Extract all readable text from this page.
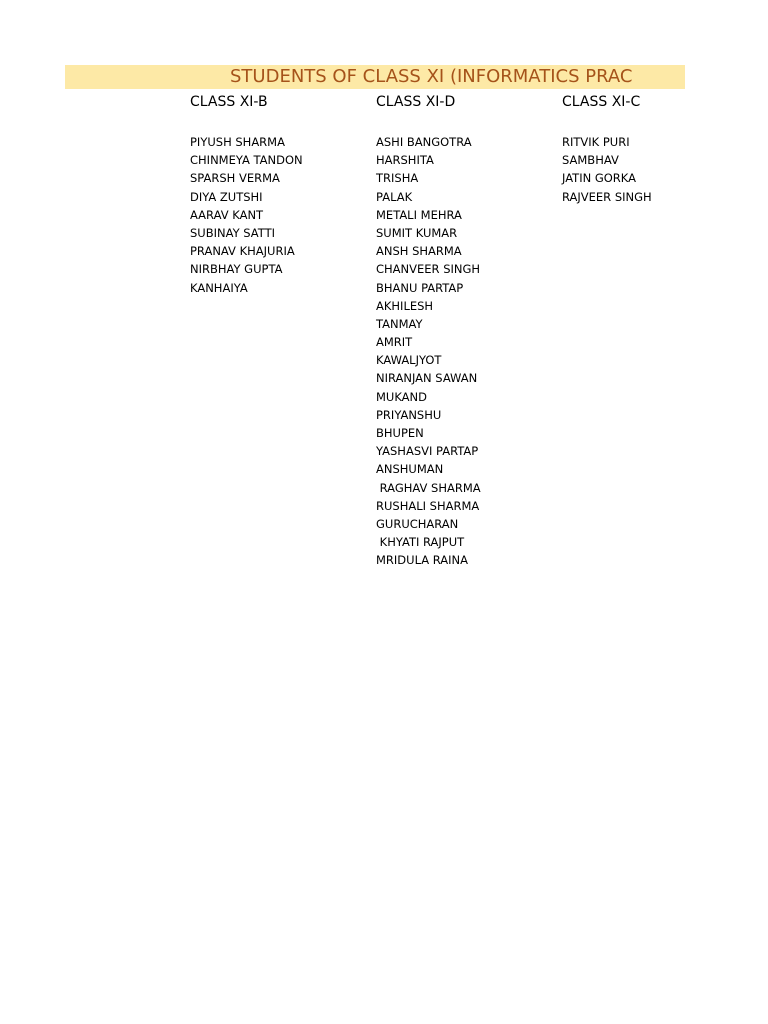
STUDENTS OF CLASS XI (INFORMATICS PRAC
CLASS XI-B
PIYUSH SHARMA
CHINMEYA TANDON
SPARSH VERMA
DIYA ZUTSHI
AARAV KANT
SUBINAY SATTI
PRANAV KHAJURIA
NIRBHAY GUPTA
KANHAIYA
CLASS XI-D
ASHI BANGOTRA
HARSHITA
TRISHA
PALAK
METALI MEHRA
SUMIT KUMAR
ANSH SHARMA
CHANVEER SINGH
BHANU PARTAP
AKHILESH
TANMAY
AMRIT
KAWALJYOT
NIRANJAN SAWAN
MUKAND
PRIYANSHU
BHUPEN
YASHASVI PARTAP
ANSHUMAN
RAGHAV SHARMA
RUSHALI SHARMA
GURUCHARAN
KHYATI RAJPUT
MRIDULA RAINA
CLASS XI-C
RITVIK PURI
SAMBHAV
JATIN GORKA
RAJVEER SINGH
